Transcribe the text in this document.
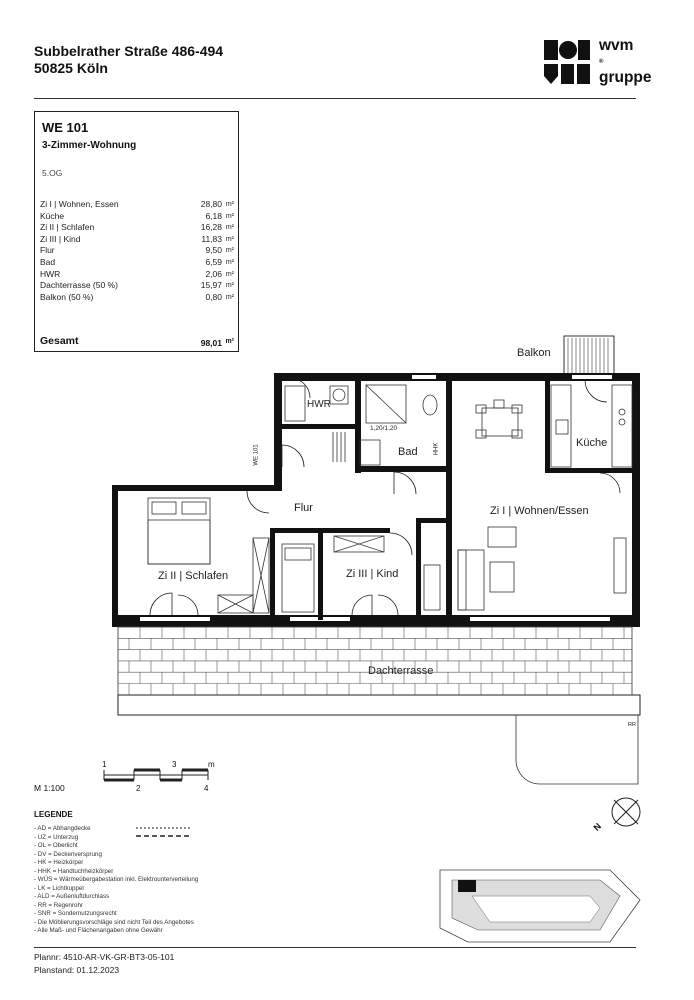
Subbelrather Straße 486-494
50825 Köln
wvm
®
gruppe
WE 101
3-Zimmer-Wohnung
5.OG
Zi I | Wohnen, Essen	28,80 m²
Küche	6,18 m²
Zi II | Schlafen	16,28 m²
Zi III | Kind	11,83 m²
Flur	9,50 m²
Bad	6,59 m²
HWR	2,06 m²
Dachterrasse (50 %)	15,97 m²
Balkon (50 %)	0,80 m²
Gesamt	98,01 m²
Balkon
HWR
1,20/1,20
HHK
WE 101	Bad
Küche
Flur	Zi I | Wohnen/Essen
Zi II | Schlafen	Zi III | Kind
Dachterrasse
RR
M 1:100
1	3	m
2	4
N
LEGENDE
- AD = Abhangdecke
- UZ = Unterzug
- OL = Oberlicht
- DV = Deckenversprung
- HK = Heizkörper
- HHK = Handtuchheizkörper
- WÜS = Wärmeübergabestation inkl. Elektrounterverteilung
- LK = Lichtkuppel
- ALD = Außenluftdurchlass
- RR = Regenrohr
- SNR = Sondernutzungsrecht
- Die Möblierungsvorschläge sind nicht Teil des Angebotes
- Alle Maß- und Flächenangaben ohne Gewähr
Plannr: 4510-AR-VK-GR-BT3-05-101
Planstand: 01.12.2023
